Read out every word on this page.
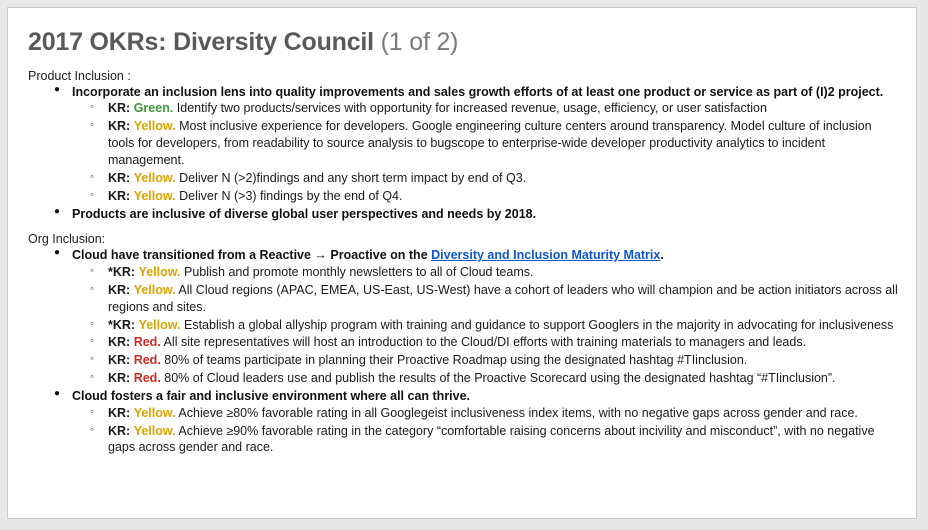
2017 OKRs: Diversity Council (1 of 2)
Product Inclusion :
● Incorporate an inclusion lens into quality improvements and sales growth efforts of at least one product or service as part of (I)2 project.
◦ KR: Green. Identify two products/services with opportunity for increased revenue, usage, efficiency, or user satisfaction
◦ KR: Yellow. Most inclusive experience for developers. Google engineering culture centers around transparency. Model culture of inclusion tools for developers, from readability to source analysis to bugscope to enterprise-wide developer productivity analytics to incident management.
◦ KR: Yellow. Deliver N (>2)findings and any short term impact by end of Q3.
◦ KR: Yellow. Deliver N (>3) findings by the end of Q4.
● Products are inclusive of diverse global user perspectives and needs by 2018.
Org Inclusion:
● Cloud have transitioned from a Reactive → Proactive on the Diversity and Inclusion Maturity Matrix.
◦ *KR: Yellow. Publish and promote monthly newsletters to all of Cloud teams.
◦ KR: Yellow. All Cloud regions (APAC, EMEA, US-East, US-West) have a cohort of leaders who will champion and be action initiators across all regions and sites.
◦ *KR: Yellow. Establish a global allyship program with training and guidance to support Googlers in the majority in advocating for inclusiveness
◦ KR: Red. All site representatives will host an introduction to the Cloud/DI efforts with training materials to managers and leads.
◦ KR: Red. 80% of teams participate in planning their Proactive Roadmap using the designated hashtag #TIinclusion.
◦ KR: Red. 80% of Cloud leaders use and publish the results of the Proactive Scorecard using the designated hashtag “#TIinclusion”.
● Cloud fosters a fair and inclusive environment where all can thrive.
◦ KR: Yellow. Achieve ≥80% favorable rating in all Googlegeist inclusiveness index items, with no negative gaps across gender and race.
◦ KR: Yellow. Achieve ≥90% favorable rating in the category “comfortable raising concerns about incivility and misconduct”, with no negative gaps across gender and race.
